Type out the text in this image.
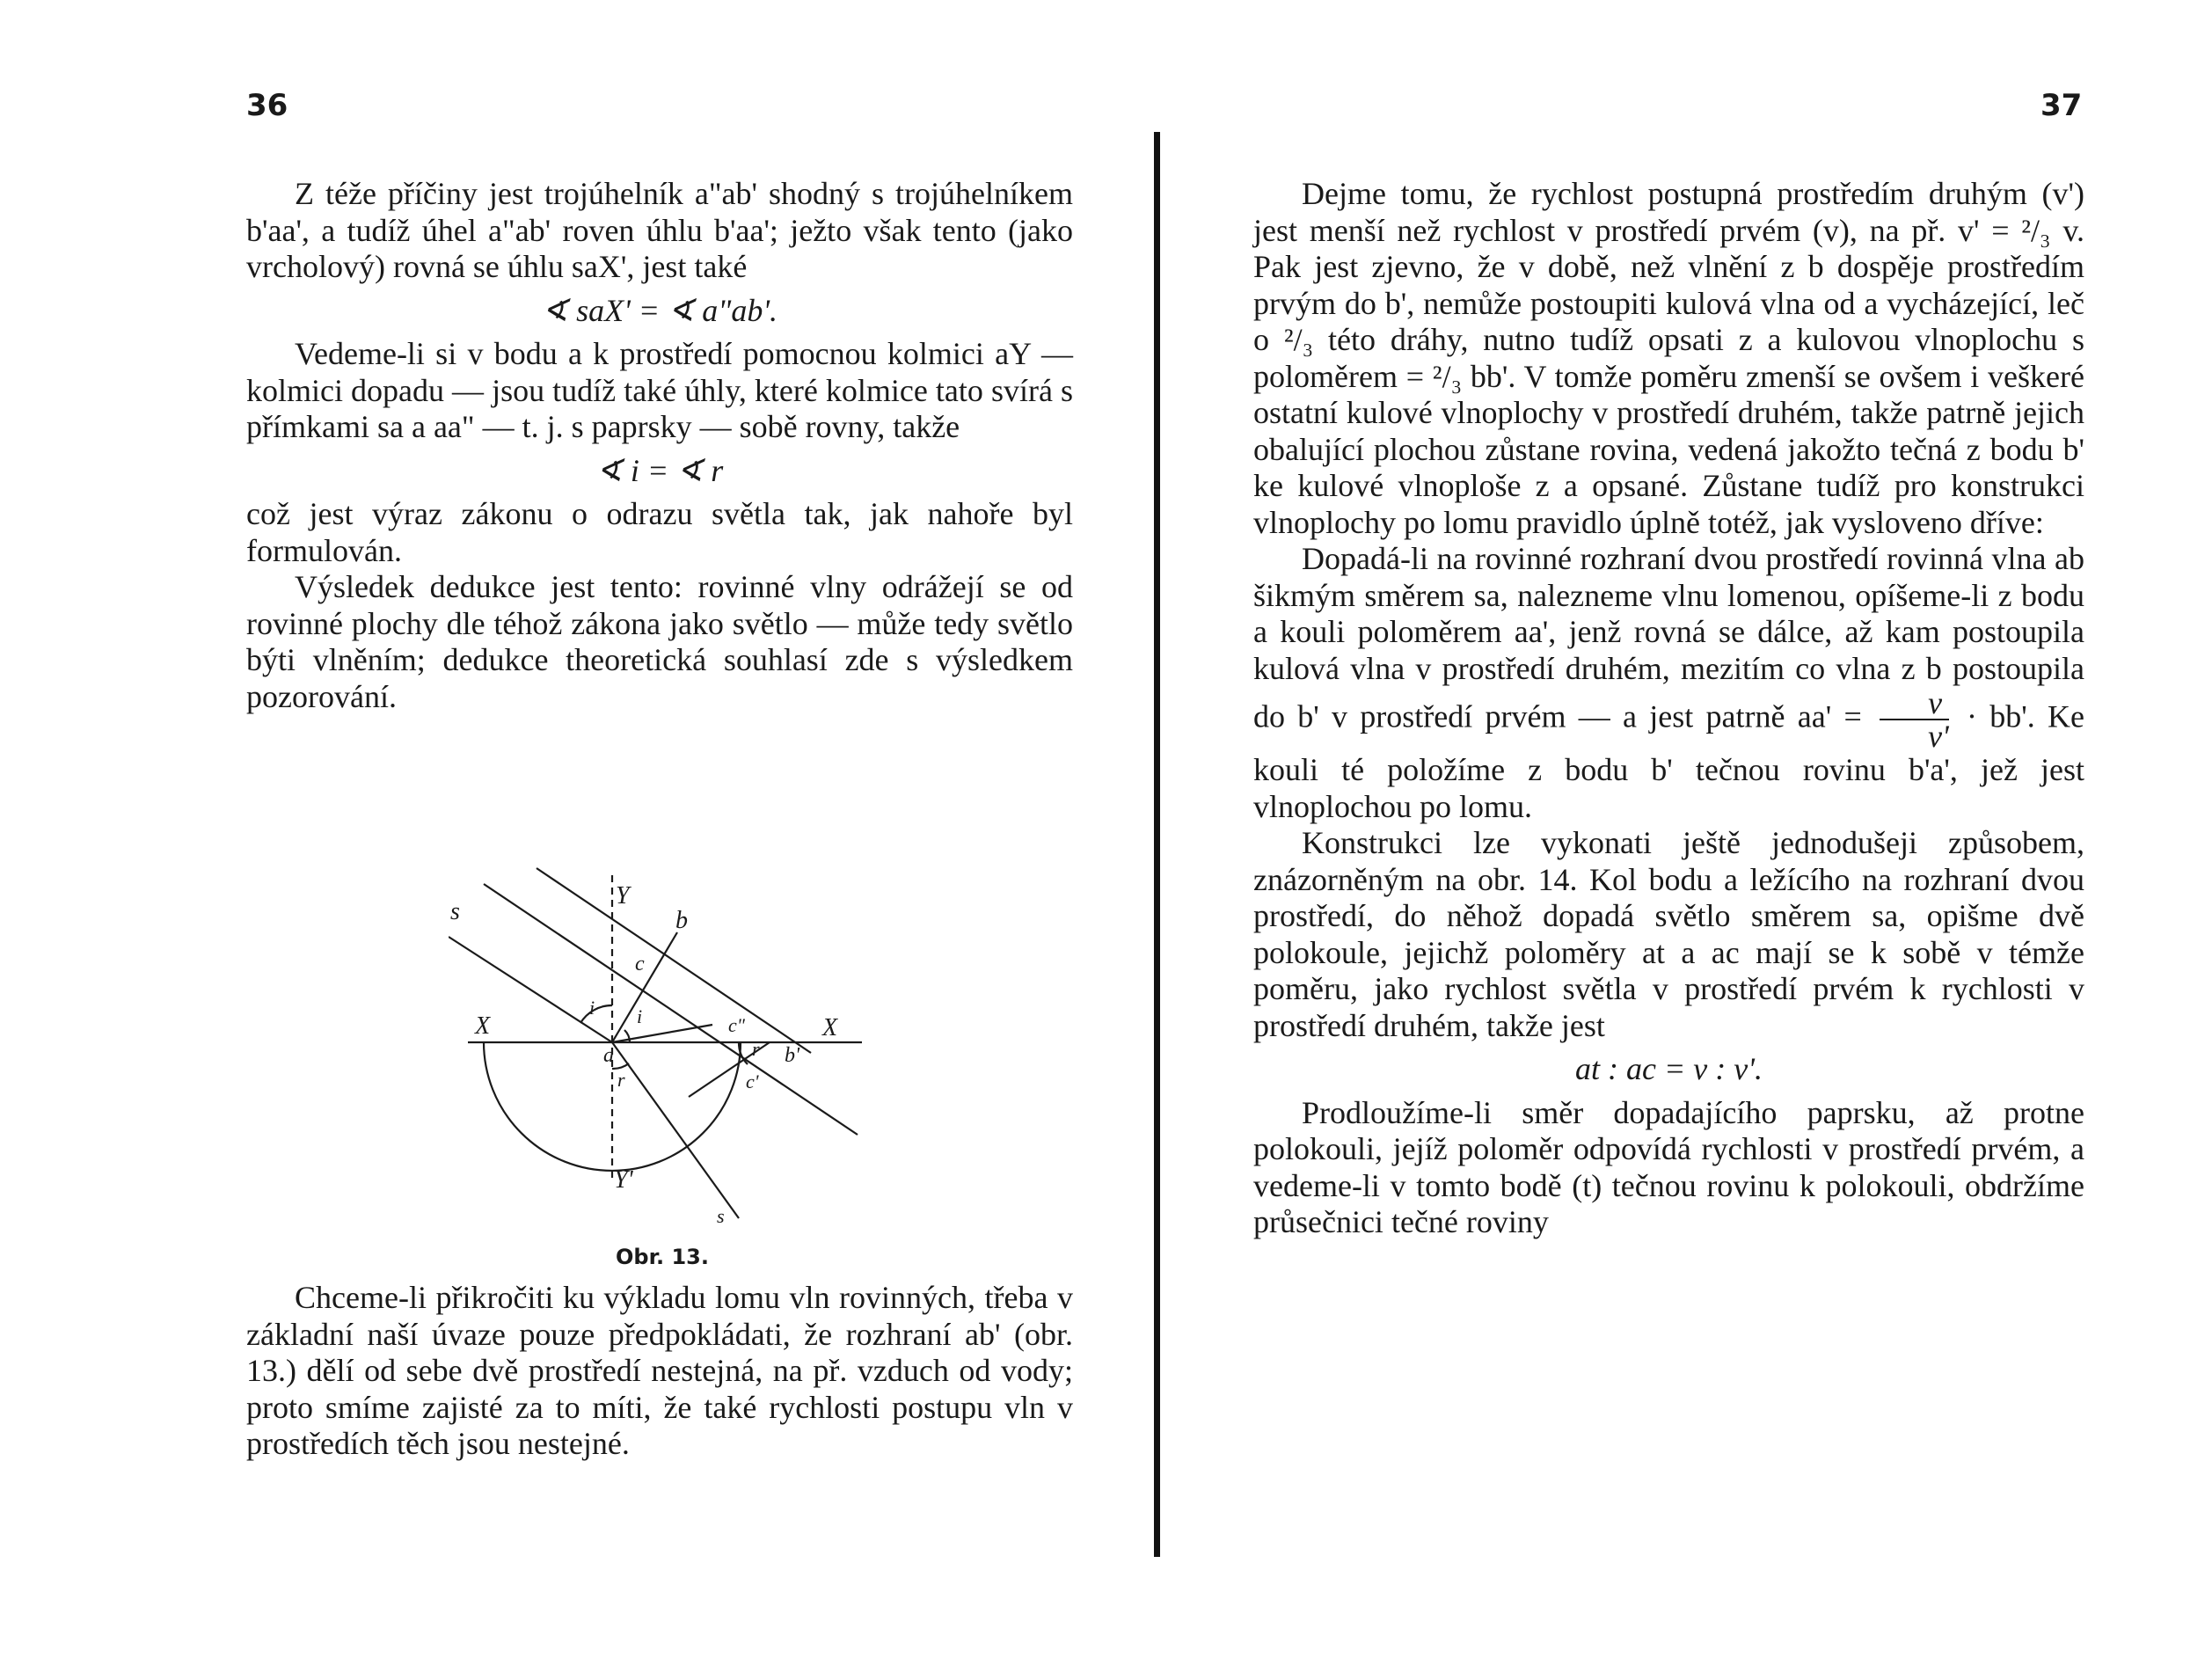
36

Z téže příčiny jest trojúhelník a"ab' shodný s trojúhelníkem b'aa', a tudíž úhel a"ab' roven úhlu b'aa'; ježto však tento (jako vrcholový) rovná se úhlu saX', jest také

∢ saX' = ∢ a"ab'.

Vedeme-li si v bodu a k prostředí pomocnou kolmici aY — kolmici dopadu — jsou tudíž také úhly, které kolmice tato svírá s přímkami sa a aa" — t. j. s paprsky — sobě rovny, takže

∢ i = ∢ r

což jest výraz zákonu o odrazu světla tak, jak nahoře byl formulován.

Výsledek dedukce jest tento: rovinné vlny odrážejí se od rovinné plochy dle téhož zákona jako světlo — může tedy světlo býti vlněním; dedukce theoretická souhlasí zde s výsledkem pozorování.

s
X	X
Y
Y'
b
b'
c
c'
c"
a
i i
r
r
s
Obr. 13.

Chceme-li přikročiti ku výkladu lomu vln rovinných, třeba v základní naší úvaze pouze předpokládati, že rozhraní ab' (obr. 13.) dělí od sebe dvě prostředí nestejná, na př. vzduch od vody; proto smíme zajisté za to míti, že také rychlosti postupu vln v prostředích těch jsou nestejné.

37

Dejme tomu, že rychlost postupná prostředím druhým (v') jest menší než rychlost v prostředí prvém (v), na př. v' = ²/₃ v. Pak jest zjevno, že v době, než vlnění z b dospěje prostředím prvým do b', nemůže postoupiti kulová vlna od a vycházející, leč o ²/₃ této dráhy, nutno tudíž opsati z a kulovou vlnoplochu s poloměrem = ²/₃ bb'. V tomže poměru zmenší se ovšem i veškeré ostatní kulové vlnoplochy v prostředí druhém, takže patrně jejich obalující plochou zůstane rovina, vedená jakožto tečná z bodu b' ke kulové vlnoploše z a opsané. Zůstane tudíž pro konstrukci vlnoplochy po lomu pravidlo úplně totéž, jak vysloveno dříve:

Dopadá-li na rovinné rozhraní dvou prostředí rovinná vlna ab šikmým směrem sa, nalezneme vlnu lomenou, opíšeme-li z bodu a kouli poloměrem aa', jenž rovná se dálce, až kam postoupila kulová vlna v prostředí druhém, mezitím co vlna z b postoupila do b' v prostředí prvém — a jest patrně $aa' = \frac{v}{v'} \cdot bb'$. Ke kouli té položíme z bodu b' tečnou rovinu b'a', jež jest vlnoplochou po lomu.

Konstrukci lze vykonati ještě jednodušeji způsobem, znázorněným na obr. 14. Kol bodu a ležícího na rozhraní dvou prostředí, do něhož dopadá světlo směrem sa, opišme dvě polokoule, jejichž poloměry at a ac mají se k sobě v témže poměru, jako rychlost světla v prostředí prvém k rychlosti v prostředí druhém, takže jest

at : ac = v : v'.

Prodloužíme-li směr dopadajícího paprsku, až protne polokouli, jejíž poloměr odpovídá rychlosti v prostředí prvém, a vedeme-li v tomto bodě (t) tečnou rovinu k polokouli, obdržíme průsečnici tečné roviny
